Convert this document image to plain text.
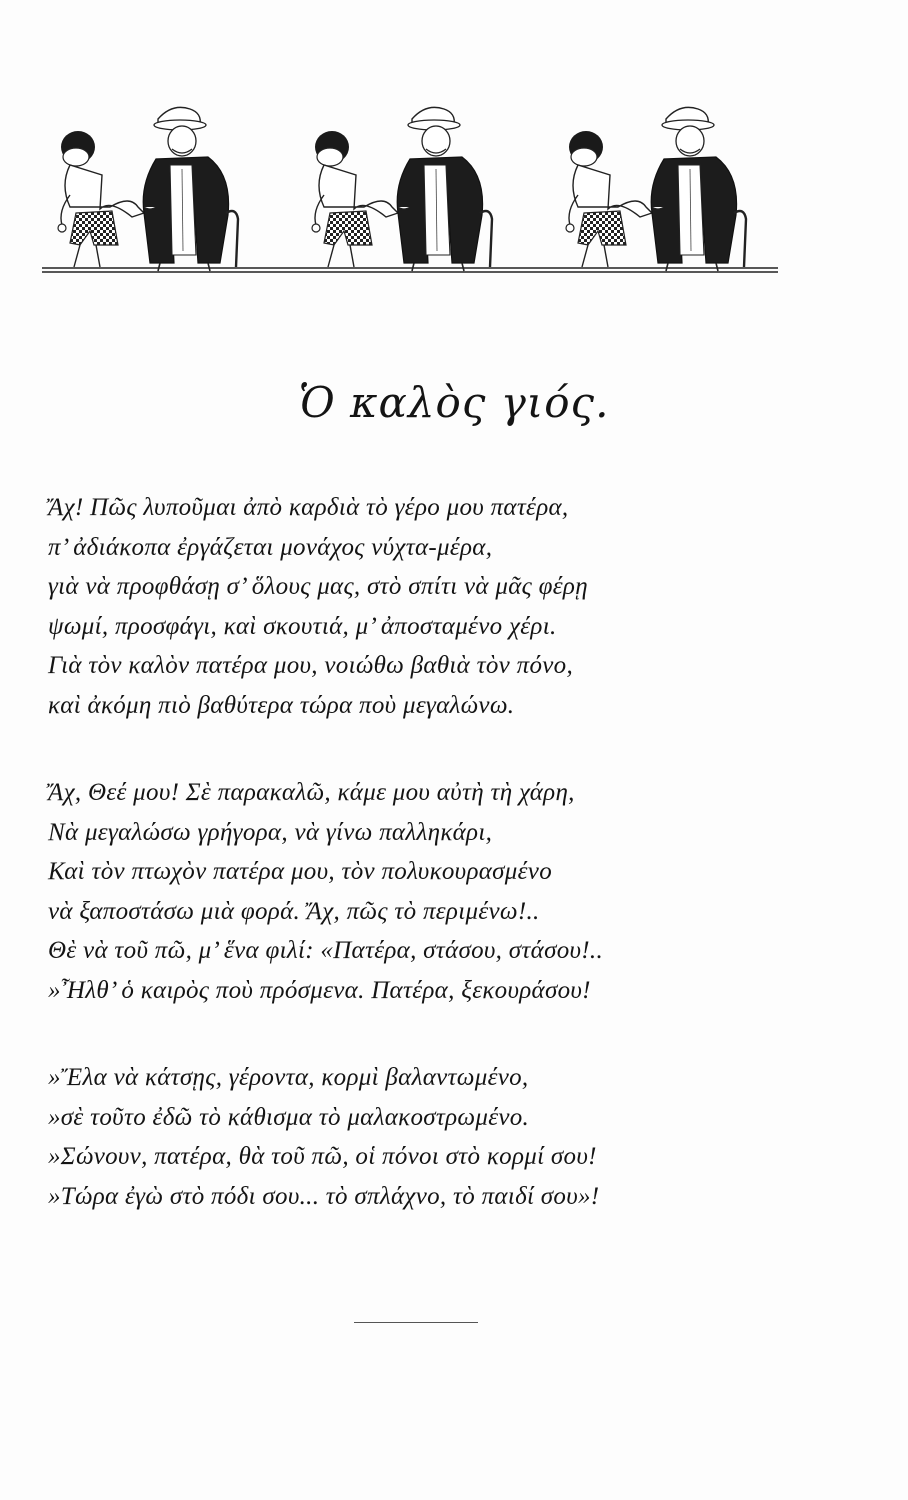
Ὁ καλὸς γιός.
Ἄχ! Πῶς λυποῦμαι ἀπὸ καρδιὰ τὸ γέρο μου πατέρα,
π’ ἀδιάκοπα ἐργάζεται μονάχος νύχτα-μέρα,
γιὰ νὰ προφθάσῃ σ’ ὅλους μας, στὸ σπίτι νὰ μᾶς φέρῃ
ψωμί, προσφάγι, καὶ σκουτιά, μ’ ἀποσταμένο χέρι.
Γιὰ τὸν καλὸν πατέρα μου, νοιώθω βαθιὰ τὸν πόνο,
καὶ ἀκόμη πιὸ βαθύτερα τώρα ποὺ μεγαλώνω.
Ἄχ, Θεέ μου! Σὲ παρακαλῶ, κάμε μου αὐτὴ τὴ χάρη,
Νὰ μεγαλώσω γρήγορα, νὰ γίνω παλληκάρι,
Καὶ τὸν πτωχὸν πατέρα μου, τὸν πολυκουρασμένο
νὰ ξαποστάσω μιὰ φορά. Ἄχ, πῶς τὸ περιμένω!..
Θὲ νὰ τοῦ πῶ, μ’ ἕνα φιλί: «Πατέρα, στάσου, στάσου!..
»Ἦλθ’ ὁ καιρὸς ποὺ πρόσμενα. Πατέρα, ξεκουράσου!
»Ἔλα νὰ κάτσῃς, γέροντα, κορμὶ βαλαντωμένο,
»σὲ τοῦτο ἐδῶ τὸ κάθισμα τὸ μαλακοστρωμένο.
»Σώνουν, πατέρα, θὰ τοῦ πῶ, οἱ πόνοι στὸ κορμί σου!
»Τώρα ἐγὼ στὸ πόδι σου... τὸ σπλάχνο, τὸ παιδί σου»!
